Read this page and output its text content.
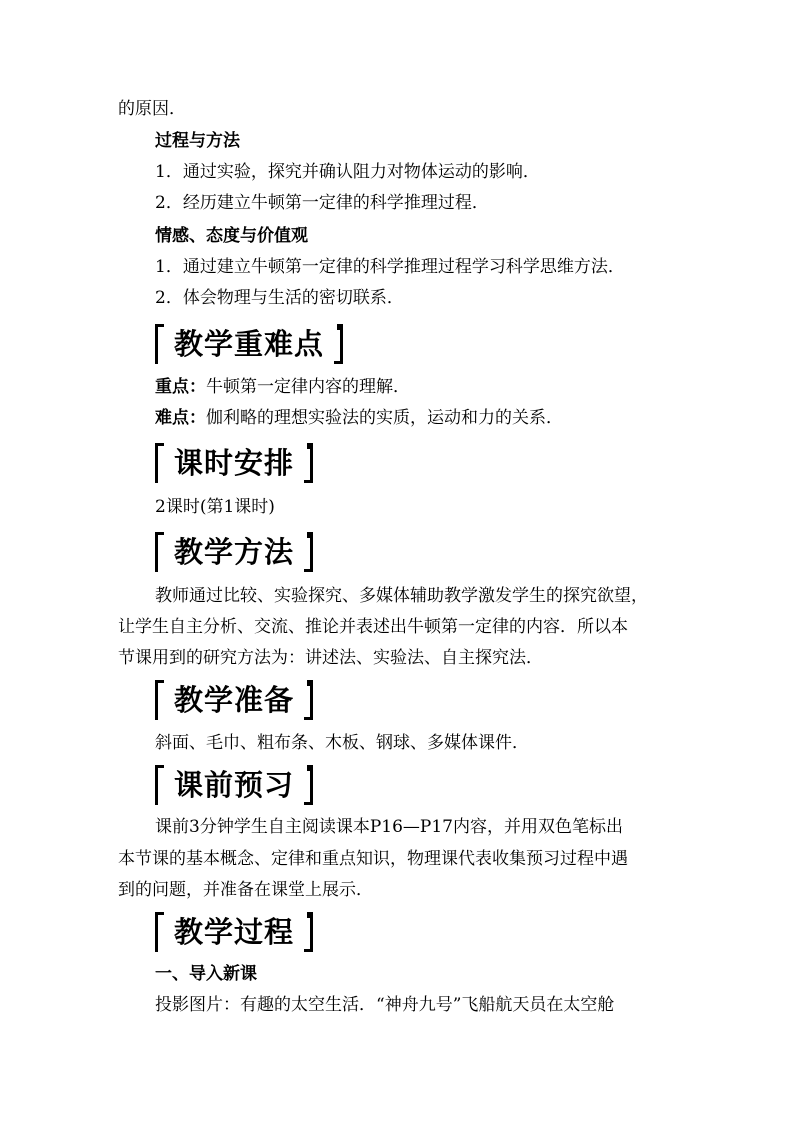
的原因．
过程与方法
1．通过实验，探究并确认阻力对物体运动的影响．
2．经历建立牛顿第一定律的科学推理过程．
情感、态度与价值观
1．通过建立牛顿第一定律的科学推理过程学习科学思维方法．
2．体会物理与生活的密切联系．
教学重难点
重点：牛顿第一定律内容的理解．
难点：伽利略的理想实验法的实质，运动和力的关系．
课时安排
2课时(第1课时)
教学方法
教师通过比较、实验探究、多媒体辅助教学激发学生的探究欲望，
让学生自主分析、交流、推论并表述出牛顿第一定律的内容．所以本
节课用到的研究方法为：讲述法、实验法、自主探究法．
教学准备
斜面、毛巾、粗布条、木板、钢球、多媒体课件．
课前预习
课前3分钟学生自主阅读课本P16—P17内容，并用双色笔标出
本节课的基本概念、定律和重点知识，物理课代表收集预习过程中遇
到的问题，并准备在课堂上展示．
教学过程
一、导入新课
投影图片：有趣的太空生活．“神舟九号”飞船航天员在太空舱
